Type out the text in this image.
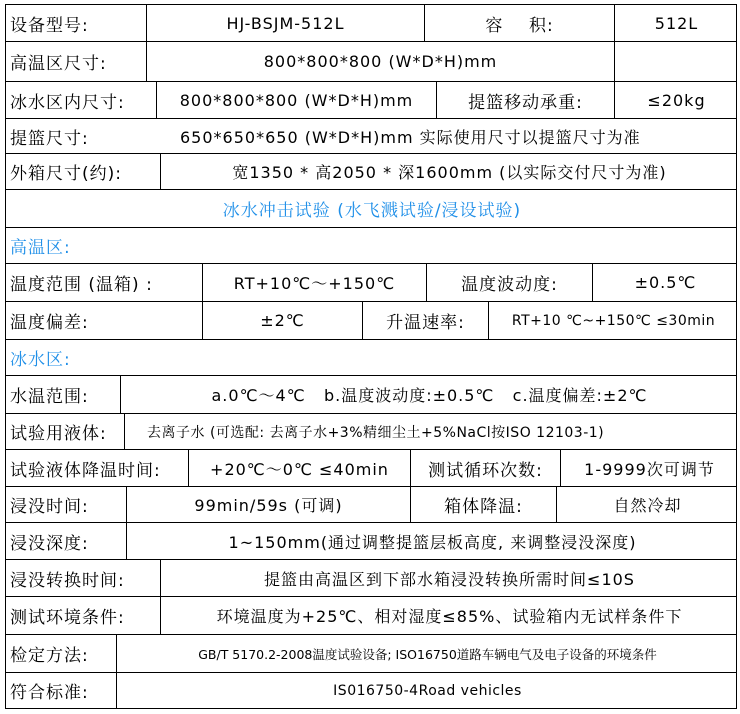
设备型号:	HJ-BSJM-512L	容    积:	512L
高温区尺寸:	800*800*800 (W*D*H)mm
冰水区内尺寸:	800*800*800 (W*D*H)mm	提篮移动承重:	≤20kg
提篮尺寸:	650*650*650 (W*D*H)mm 实际使用尺寸以提篮尺寸为准
外箱尺寸(约):	宽1350 * 高2050 * 深1600mm (以实际交付尺寸为准)
冰水冲击试验 (水飞溅试验/浸设试验)
高温区:
温度范围 (温箱) :	RT+10℃～+150℃	温度波动度:	±0.5℃
温度偏差:	±2℃	升温速率:	RT+10 ℃~+150℃ ≤30min
冰水区:
水温范围:	a.0℃～4℃   b.温度波动度:±0.5℃   c.温度偏差:±2℃
试验用液体:	去离子水 (可选配: 去离子水+3%精细尘土+5%NaCl按ISO 12103-1)
试验液体降温时间:	+20℃～0℃ ≤40min	测试循环次数:	1-9999次可调节
浸没时间:	99min/59s (可调)	箱体降温:	自然冷却
浸没深度:	1~150mm(通过调整提篮层板高度, 来调整浸没深度)
浸没转换时间:	提篮由高温区到下部水箱浸没转换所需时间≤10S
测试环境条件:	环境温度为+25℃、相对湿度≤85%、试验箱内无试样条件下
检定方法:	GB/T 5170.2-2008温度试验设备; ISO16750道路车辆电气及电子设备的环境条件
符合标准:	IS016750-4Road vehicles
